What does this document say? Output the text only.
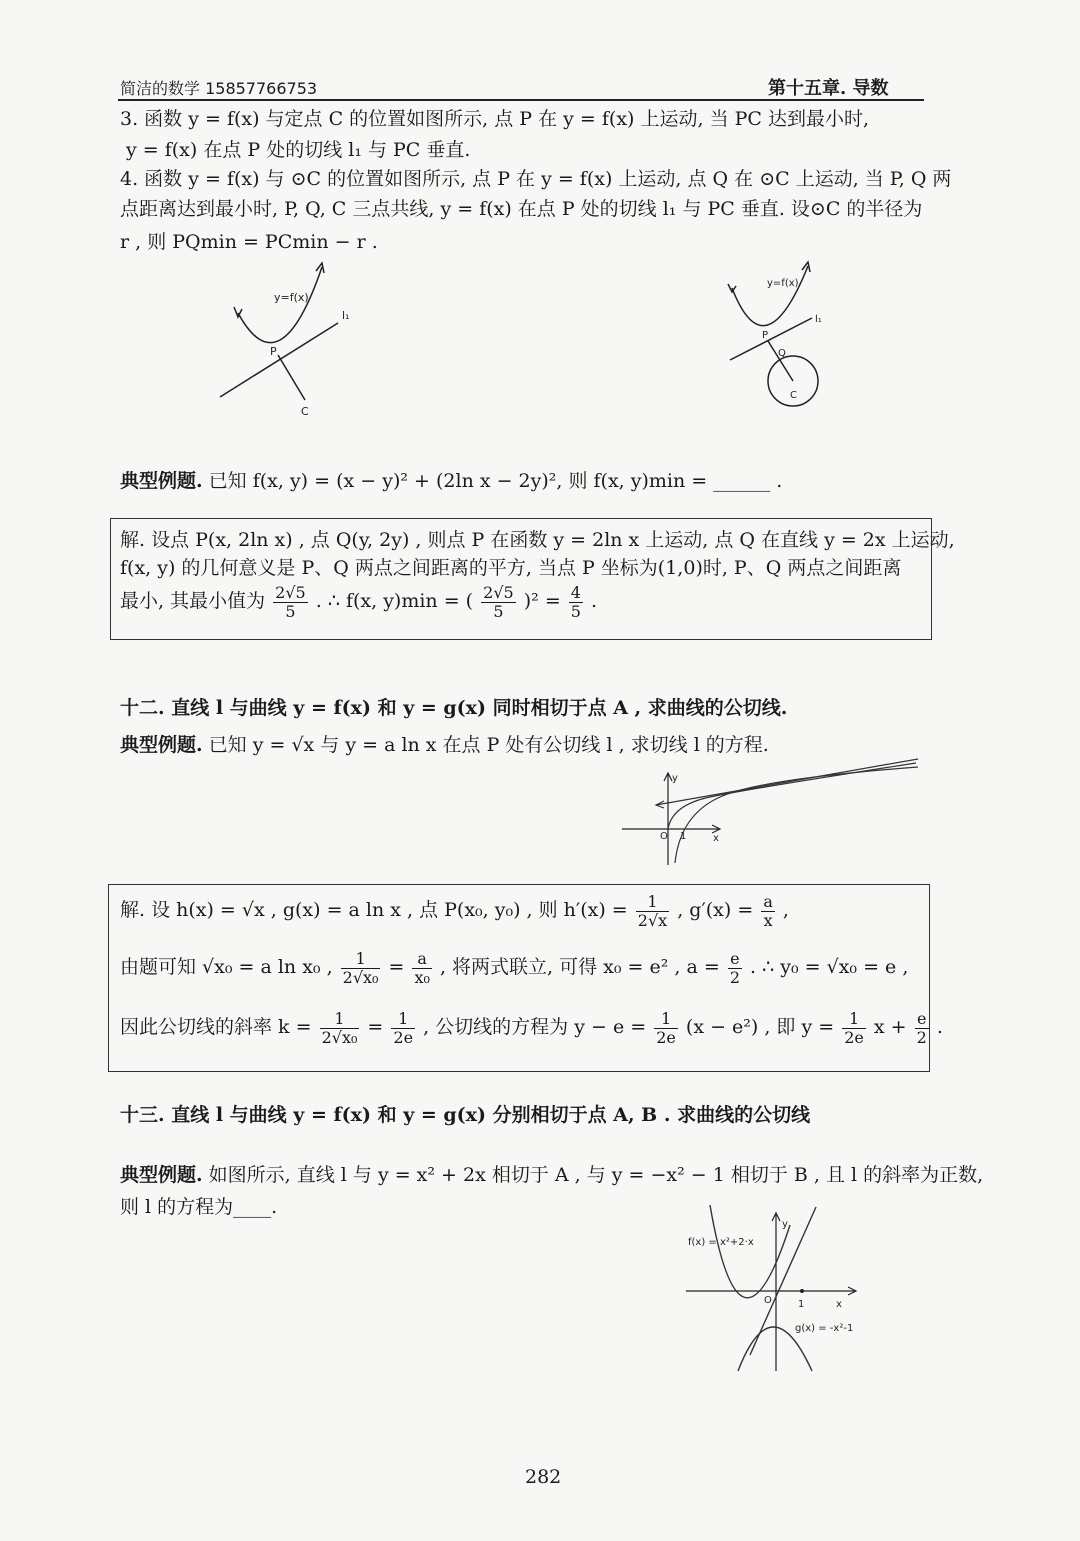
简洁的数学 15857766753	第十五章. 导数
3. 函数 y = f(x) 与定点 C 的位置如图所示, 点 P 在 y = f(x) 上运动, 当 PC 达到最小时,
y = f(x) 在点 P 处的切线 l₁ 与 PC 垂直.
4. 函数 y = f(x) 与 ⊙C 的位置如图所示, 点 P 在 y = f(x) 上运动, 点 Q 在 ⊙C 上运动, 当 P, Q 两
点距离达到最小时, P, Q, C 三点共线, y = f(x) 在点 P 处的切线 l₁ 与 PC 垂直. 设⊙C 的半径为
r , 则 PQmin = PCmin − r .
y=f(x)
l₁
P
C
y=f(x)
l₁
P
Q
C
典型例题. 已知 f(x, y) = (x − y)² + (2ln x − 2y)², 则 f(x, y)min = ______ .
解. 设点 P(x, 2ln x) , 点 Q(y, 2y) , 则点 P 在函数 y = 2ln x 上运动, 点 Q 在直线 y = 2x 上运动,
f(x, y) 的几何意义是 P、Q 两点之间距离的平方, 当点 P 坐标为(1,0)时, P、Q 两点之间距离
最小, 其最小值为 $\frac{2√5}{5}$ . ∴ f(x, y)min = ( $\frac{2√5}{5} )^2 = \frac{4}{5}$ .
十二. 直线 l 与曲线 y = f(x) 和 y = g(x) 同时相切于点 A , 求曲线的公切线.
典型例题. 已知 y = √x 与 y = a ln x 在点 P 处有公切线 l , 求切线 l 的方程.
y
x
O 1
解. 设 h(x) = √x , g(x) = a ln x , 点 P(x₀, y₀) , 则 $h'(x) = \frac{1}{2√x}$ , $g'(x) = \frac{a}{x}$ ,
由题可知 √x₀ = a ln x₀ , $\frac{1}{\text{2√x₀}} = \frac{a}{\text{x₀}}$ , 将两式联立, 可得 x₀ = e² , $a = \frac{e}{2}$ . ∴ y₀ = √x₀ = e ,
因此公切线的斜率 $k = \frac{1}{\text{2√x₀}} = \frac{1}{2e}$ , 公切线的方程为 $y - e = \frac{1}{2e} (x - e^2)$ , 即 $y = \frac{1}{2e}$ $x + \frac{e}{2}$ .
十三. 直线 l 与曲线 y = f(x) 和 y = g(x) 分别相切于点 A, B . 求曲线的公切线
典型例题. 如图所示, 直线 l 与 y = x² + 2x 相切于 A , 与 y = −x² − 1 相切于 B , 且 l 的斜率为正数,
则 l 的方程为____.
f(x) = x²+2·x
g(x) = -x²-1
y
x
O	1
282
